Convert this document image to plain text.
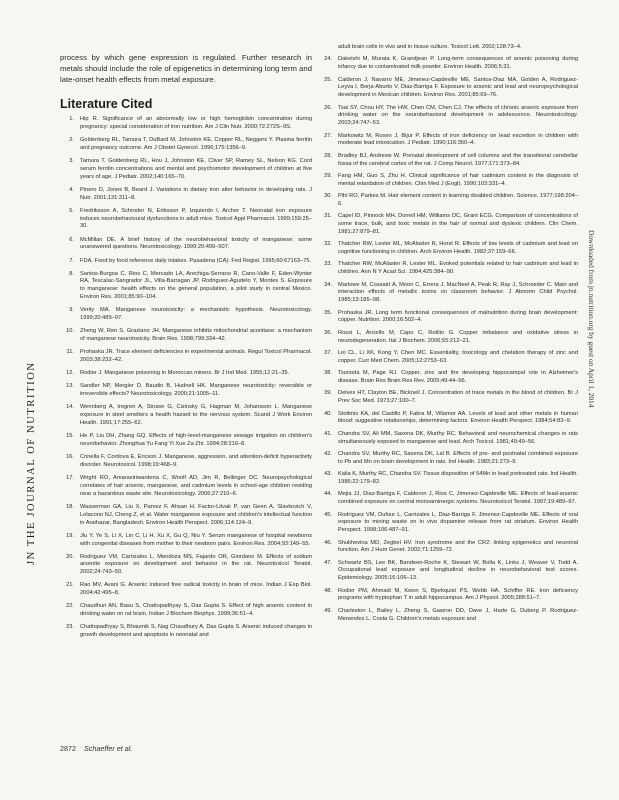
process by which gene expression is regulated. Further research in metals should include the role of epigenetics in determining long term and late-onset health effects from metal exposure.

Literature Cited
1. Hip R. Significance of an abnormally low or high hemoglobin concentration during pregnancy: special consideration of iron nutrition. Am J Clin Nutr. 2000;72:272S–9S.
2. Goldenberg RL, Tamura T, DuBard M, Johnston KE, Copper RL, Neggers Y. Plasma ferritin and pregnancy outcome. Am J Obstet Gynecol. 1996;175:1356–9.
3. Tamura T, Goldenberg RL, Hou J, Johnston KE, Cliver SP, Ramey SL, Nelson KG. Cord serum ferritin concentrations and mental and psychomotor development of children at five years of age. J Pediatr. 2002;140:165–70.
4. Pinero D, Jones B, Beard J. Variations in dietary iron alter behavior in developing rats. J Nutr. 2001;131:311–8.
5. Fredriksson A, Schroder N, Eriksson P, Izquierdo I, Archer T. Neonatal iron exposure induces neurobehavioural dysfunctions in adult mice. Toxicol Appl Pharmacol. 1999;159:25–30.
6. McMillan DE. A brief history of the neurobehavioral toxicity of manganese: some unanswered questions. Neurotoxicology. 1999;20:499–507.
7. FDA. Food by food reference daily intakes. Pasadena (CA): Fed Regist. 1995;60:67163–75.
8. Santos-Burgoa C, Rios C, Mercado LA, Arechiga-Serrano R, Cano-Valle F, Eden-Wynter RA, Texcalac-Sangrador JL, Villa-Barragan JP, Rodriguez-Agudelo Y, Montes S. Exposure to manganese: health effects on the general population, a pilot study in central Mexico. Environ Res. 2001;85:90–104.
9. Verity MA. Manganese neurotoxicity: a mechanistic hypothesis. Neurotoxicology. 1999;20:489–97.
10. Zheng W, Ren S, Graziano JH. Manganese inhibits mitochondrial aconitase: a mechanism of manganese neurotoxicity. Brain Res. 1998;799:334–42.
11. Prohaska JR. Trace element deficiencies in experimental animals. Regul Toxicol Pharmacol. 2003;38:232–42.
12. Rodier J. Manganese poisoning in Moroccan miners. Br J Ind Med. 1955;12:21–35.
13. Sandler NP, Mergler D, Baudin B, Hudnell HK. Manganese neurotoxicity: reversible or irreversible effects? Neurotoxicology. 2000;21:1005–11.
14. Wennberg A, Iregren A, Struwe G, Cizinsky G, Hagman M, Johansson L. Manganese exposure in steel smelters a health hazard to the nervous system. Scand J Work Environ Health. 1991;17:255–62.
15. He P, Liu DH, Zhang GQ. Effects of high-level-manganese sewage irrigation on children's neurobehavior. Zhonghua Yu Fang Yi Xue Za Zhi. 1994;28:216–8.
16. Crinella F, Cordova E, Ericson J. Manganese, aggression, and attention-deficit hyperactivity disorder. Neurotoxicol. 1998;19:468–9.
17. Wright RO, Amarasiriwardena C, Woolf AD, Jim R, Bellinger DC. Neuropsychological correlates of hair arsenic, manganese, and cadmium levels in school-age children residing near a hazardous waste site. Neurotoxicology. 2006;27:210–6.
18. Wasserman GA, Liu X, Parvez F, Ahsan H, Factor-Litvak P, van Geen A, Slavkovich V, Lolacono NJ, Cheng Z, et al. Water manganese exposure and children's intellectual function in Araihazar, Bangladesh. Environ Health Perspect. 2006;114:124–9.
19. Jiu Y, Ye S, Li X, Lin C, Li H, Xu X, Gu Q, Niu Y. Serum manganese of hospital newborns with congenital diseases from mother to their newborn pairs. Environ Res. 2004;93:149–55.
20. Rodriguez VM, Carrizales L, Mendoza MS, Fajardo OR, Giordano M. Effects of sodium arsenite exposure on development and behavior in the rat. Neurotoxicol Teratol. 2002;24:743–50.
21. Rao MV, Avani G. Arsenic induced free radical toxicity in brain of mice. Indian J Exp Biol. 2004;42:495–8.
22. Chaudhuri AN, Basu S, Chattopadhyay S, Das Gupta S. Effect of high arsenic content in drinking water on rat brain. Indian J Biochem Biophys. 1999;36:51–4.
23. Chattopadhyay S, Bhaumik S, Nag Chaudhury A, Das Gupta S. Arsenic induced changes in growth development and apoptosis in neonatal and
adult brain cells in vivo and in tissue culture. Toxicol Lett. 2002;128:73–4.
24. Dakeishi M, Murata K, Grandjean P. Long-term consequences of arsenic poisoning during infancy due to contaminated milk powder. Environ Health. 2006;5:31.
25. Calderon J, Navarro ME, Jimenez-Capdeville ME, Santos-Diaz MA, Golden A, Rodriguez-Leyva I, Borja-Aburto V, Diaz-Barriga F. Exposure to arsenic and lead and neuropsychological development in Mexican children. Environ Res. 2001;85:69–76.
26. Tsai SY, Chou HY, The HW, Chen CM, Chen CJ. The effects of chronic arsenic exposure from drinking water on the neurobehavioral development in adolescence. Neurotoxicology. 2003;24:747–53.
27. Markowitz M, Rosen J, Bijur P. Effects of iron deficiency on lead excretion in children with moderate lead intoxication. J Pediatr. 1990;116:360–4.
28. Bradley BJ, Andrews W. Prenatal development of cell columns and the transitional cerebellar fossa of the cerebral cortex of the rat. J Comp Neurol. 1977;171:373–84.
29. Fang HM, Guo S, Zhu H. Clinical significance of hair cadmium content in the diagnosis of mental retardation of children. Chin Med J (Engl). 1990;103:331–4.
30. Pihl RO, Parkes M. Hair element content in learning disabled children. Science. 1977;198:204–6.
31. Capel ID, Pinnock MH, Dorrell HM, Williams DC, Grant ECG. Comparison of concentrations of some trace, bulk, and toxic metals in the hair of normal and dyslexic children. Clin Chem. 1981;27:879–81.
32. Thatcher RW, Lester ML, McAlaster R, Horst R. Effects of low levels of cadmium and lead on cognitive functioning in children. Arch Environ Health. 1982;37:159–66.
33. Thatcher RW, McAlaster R, Lester ML. Evoked potentials related to hair cadmium and lead in children. Ann N Y Acad Sci. 1984;425:384–90.
34. Marlowe M, Cossairt A, Moon C, Errera J, MacNeel A, Peak R, Ray J, Schroeder C. Main and interaction effects of metallic toxins on classroom behavior. J Abnorm Child Psychol. 1985;13:185–98.
35. Prohaska JR. Long term functional consequences of malnutrition during brain development: copper. Nutrition. 2000;16:502–4.
36. Rossi L, Arciello M, Capo C, Rotilio G. Copper imbalance and oxidative stress in neurodegeneration. Ital J Biochem. 2006;55:212–21.
37. Lei CL, Li XK, Kong Y, Chen MC. Essentiality, toxicology and chelation therapy of zinc and copper. Curr Med Chem. 2005;12:2753–63.
38. Tsunoda M, Page RJ. Copper, zinc and the developing hippocampal role in Alzheimer's disease. Brain Res Brain Res Rev. 2005;49:44–56.
39. Delves HT, Clayton BE, Bicknell J. Concentration of trace metals in the blood of children. Br J Prev Soc Med. 1973;27:100–7.
40. Stoltmis KA, del Castillo P, Fabra M, Villamor AA. Levels of lead and other metals in human blood: suggestive relationships, determining factors. Environ Health Perspect. 1984;54:83–9.
41. Chandra SV, Ali MM, Saxena DK, Murthy RC. Behavioral and neurochemical changes in rats simultaneously exposed to manganese and lead. Arch Toxicol. 1981;49:49–56.
42. Chandra SV, Murthy RC, Saxena DK, Lal B. Effects of pre- and postnatal combined exposure to Pb and Mn on brain development in rats. Ind Health. 1983;21:273–9.
43. Kalia K, Murthy RC, Chandra SV. Tissue disposition of 54Mn in lead pretreated rats. Ind Health. 1986;22:179–82.
44. Mejia JJ, Diaz-Barriga F, Calderon J, Rios C, Jimenez-Capdeville ME. Effects of lead-arsenic combined exposure on central monoaminergic systems. Neurotoxicol Teratol. 1997;19:489–97.
45. Rodriguez VM, Dufour L, Carrizales L, Diaz-Barriga F, Jimenez-Capdeville ME. Effects of oral exposure to mining waste on in vivo dopamine release from rat striatum. Environ Health Perspect. 1998;106:487–91.
46. Shukhevina MD, Zegbel HV. Iron syndrome and the CR2: linking epigenetics and neuronal function. Am J Hum Genet. 2002;71:1259–72.
47. Schwartz BS, Lee BK, Bandeen-Roche K, Stewart W, Bolla K, Links J, Weaver V, Todd A. Occupational lead exposure and longitudinal decline in neurobehavioral test scores. Epidemiology. 2005;16:106–13.
48. Rodier PM, Ahmadi M, Kwon S, Bjorkquist PS, Webb HA, Schiffer RE. Iron deficiency programs with tryptophan T in adult hippocampus. Am J Physiol. 2005;288:51–7.
49. Charleston L, Bailey L, Zheng S, Gawron DD, Dave J, Harte G, Duberg P. Rodriguez-Menendez L, Costa G. Children's metals exposure and
JN THE JOURNAL OF NUTRITION
Downloaded from jn.nutrition.org by guest on April 1, 2014
2872 Schaeffer et al.
